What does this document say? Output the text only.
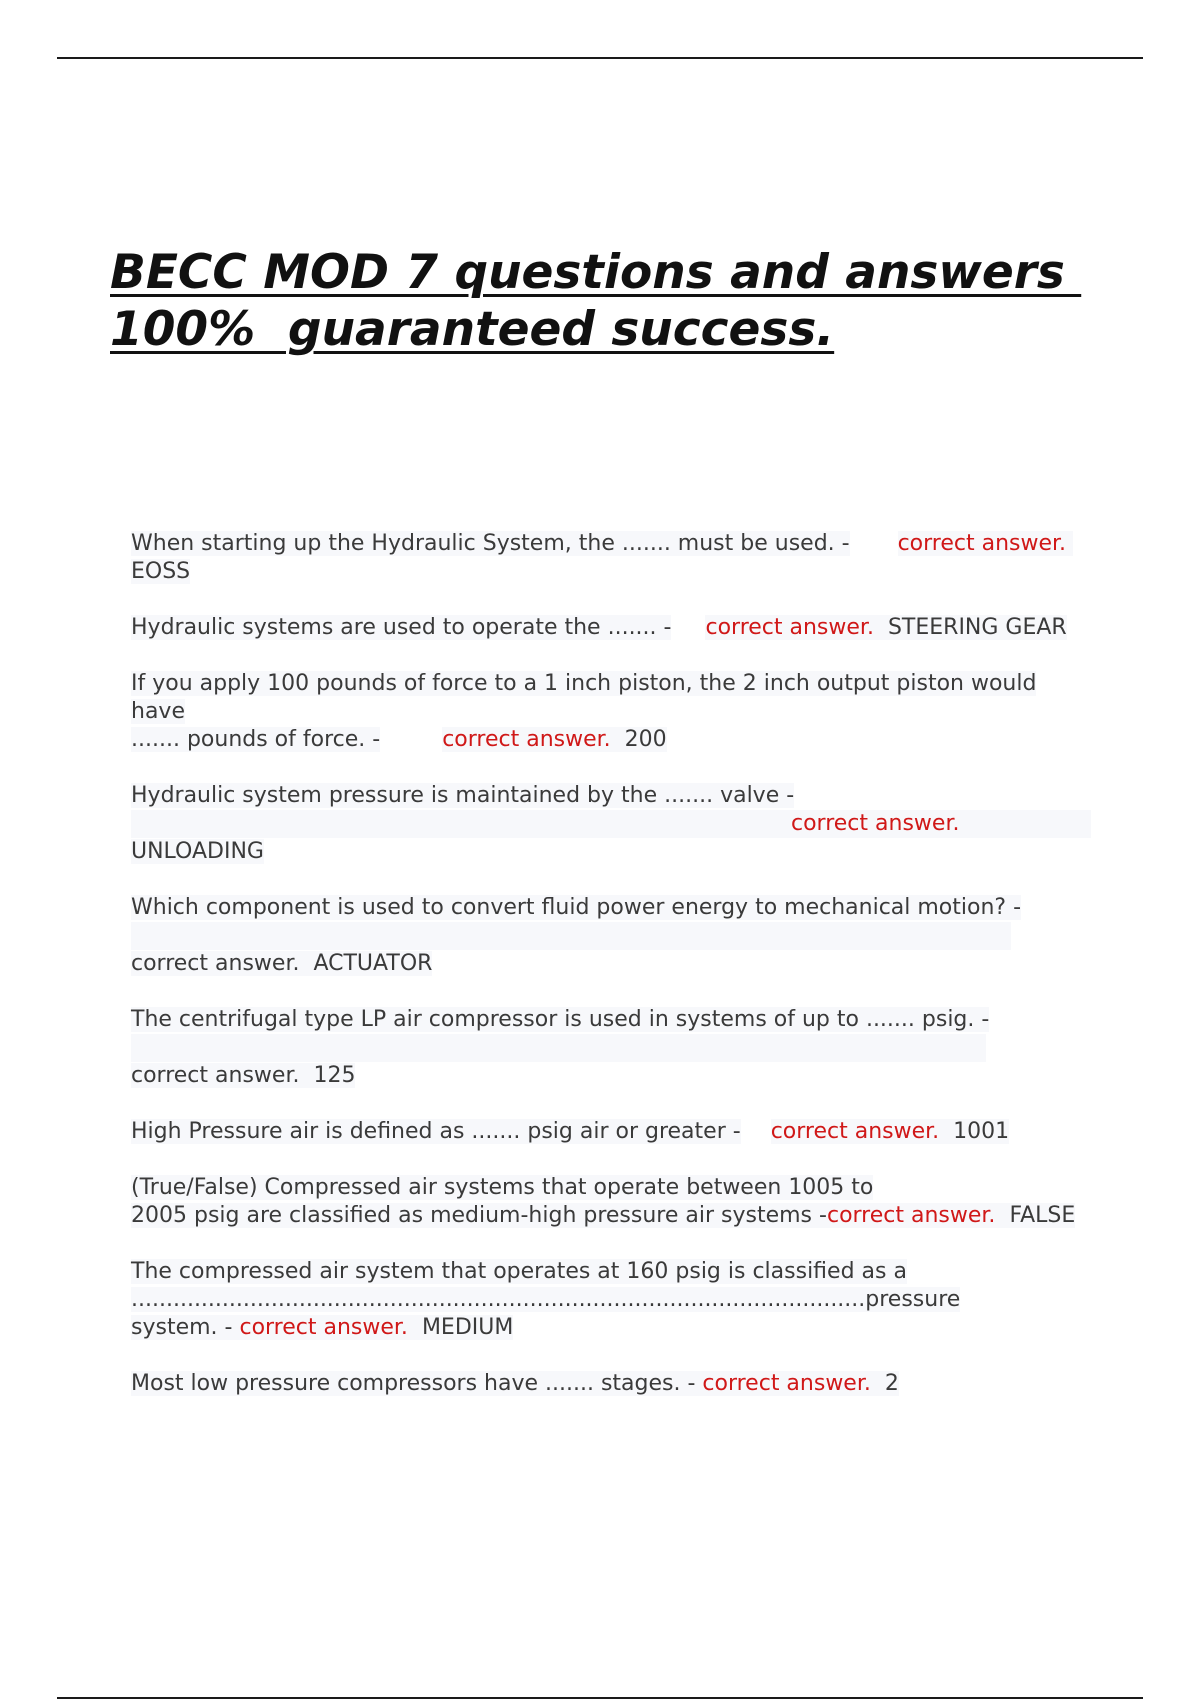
BECC MOD 7 questions and answers
100%  guaranteed success.

When starting up the Hydraulic System, the ....... must be used. - correct answer.  EOSS

Hydraulic systems are used to operate the ....... - correct answer. STEERING GEAR

If you apply 100 pounds of force to a 1 inch piston, the 2 inch output piston would have
....... pounds of force. -	correct answer. 200

Hydraulic system pressure is maintained by the ....... valve -

correct answer.
UNLOADING

Which component is used to convert fluid power energy to mechanical motion? -
correct answer. ACTUATOR

The centrifugal type LP air compressor is used in systems of up to ....... psig. -
correct answer. 125

High Pressure air is defined as ....... psig air or greater - correct answer. 1001

(True/False) Compressed air systems that operate between 1005 to
2005 psig are classified as medium-high pressure air systems -correct answer. FALSE

The compressed air system that operates at 160 psig is classified as a
.........................................................................................................pressure
system. - correct answer. MEDIUM

Most low pressure compressors have ....... stages. - correct answer. 2
